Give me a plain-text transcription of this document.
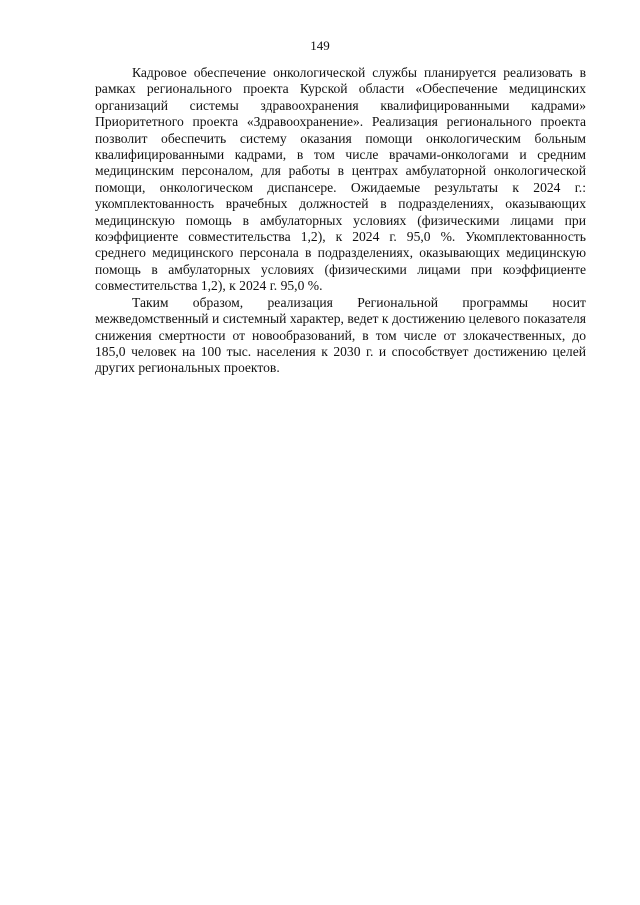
149

Кадровое обеспечение онкологической службы планируется реализовать в рамках регионального проекта Курской области «Обеспечение медицинских организаций системы здравоохранения квалифицированными кадрами» Приоритетного проекта «Здравоохранение». Реализация регионального проекта позволит обеспечить систему оказания помощи онкологическим больным квалифицированными кадрами, в том числе врачами-онкологами и средним медицинским персоналом, для работы в центрах амбулаторной онкологической помощи, онкологическом диспансере. Ожидаемые результаты к 2024 г.: укомплектованность врачебных должностей в подразделениях, оказывающих медицинскую помощь в амбулаторных условиях (физическими лицами при коэффициенте совместительства 1,2), к 2024 г. 95,0 %. Укомплектованность среднего медицинского персонала в подразделениях, оказывающих медицинскую помощь в амбулаторных условиях (физическими лицами при коэффициенте совместительства 1,2), к 2024 г. 95,0 %.

Таким образом, реализация Региональной программы носит межведомственный и системный характер, ведет к достижению целевого показателя снижения смертности от новообразований, в том числе от злокачественных, до 185,0 человек на 100 тыс. населения к 2030 г. и способствует достижению целей других региональных проектов.
